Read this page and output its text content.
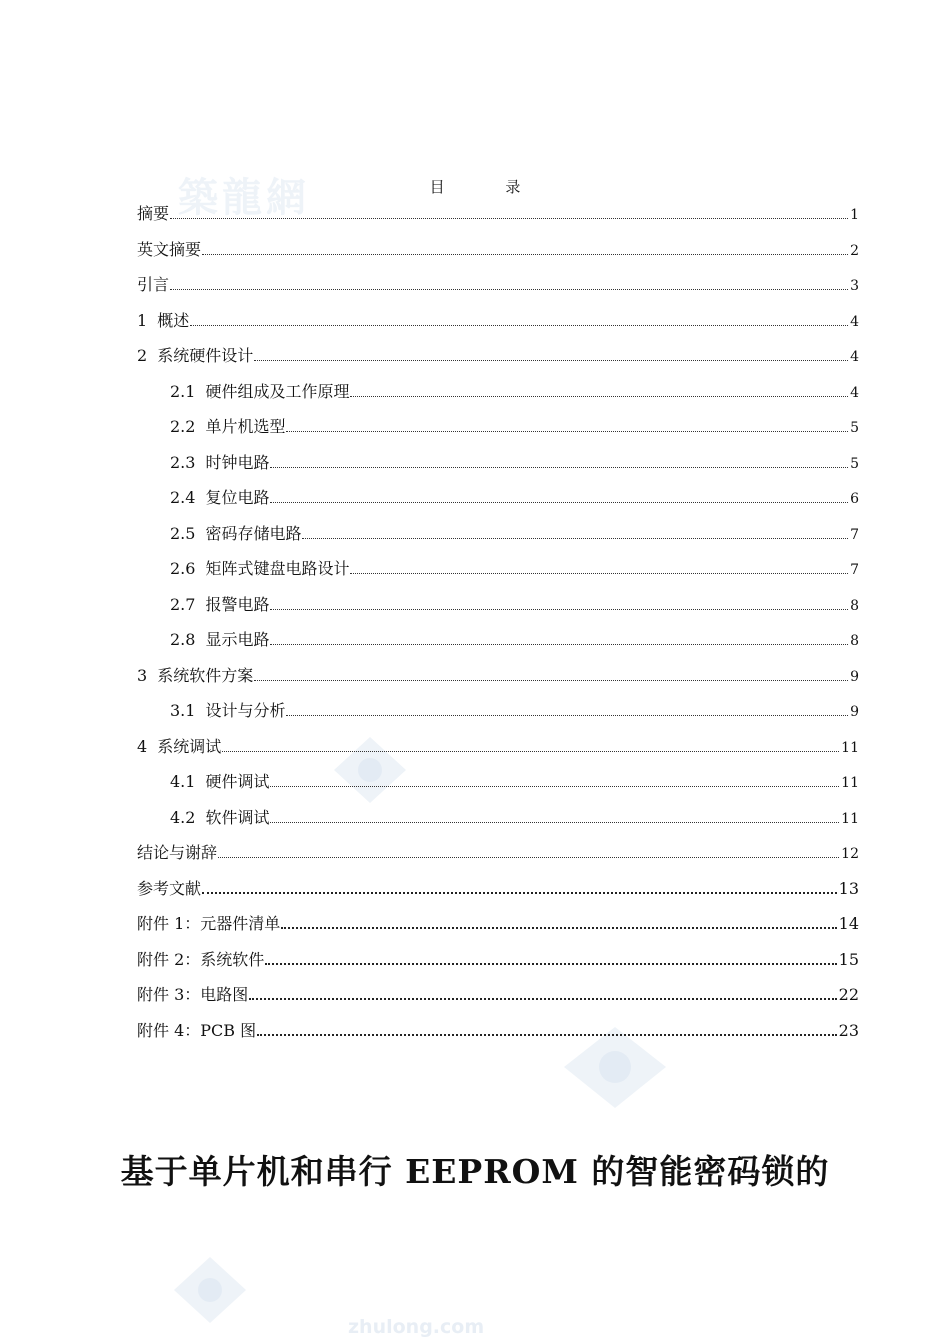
築龍網	目 录
摘要	1
英文摘要	2
引言	3
1 概述	4
2 系统硬件设计	4
2.1 硬件组成及工作原理	4
2.2 单片机选型	5
2.3 时钟电路	5
2.4 复位电路	6
2.5 密码存储电路	7
2.6 矩阵式键盘电路设计	7
2.7 报警电路	8
2.8 显示电路	8
3 系统软件方案	9
3.1 设计与分析	9
4 系统调试	11
4.1 硬件调试	11
4.2 软件调试	11
结论与谢辞	12
参考文献	13
附件 1：元器件清单	14
附件 2：系统软件	15
附件 3：电路图	22
附件 4：PCB 图	23
基于单片机和串行 EEPROM 的智能密码锁的
zhulong.com
